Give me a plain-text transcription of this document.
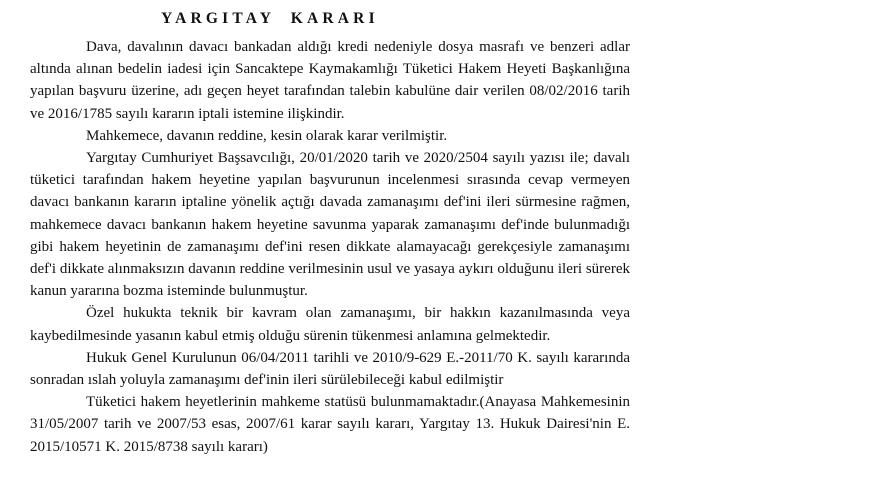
YARGITAY  KARARI

Dava, davalının davacı bankadan aldığı kredi nedeniyle dosya masrafı ve benzeri adlar altında alınan bedelin iadesi için Sancaktepe Kaymakamlığı Tüketici Hakem Heyeti Başkanlığına yapılan başvuru üzerine, adı geçen heyet tarafından talebin kabulüne dair verilen 08/02/2016 tarih ve 2016/1785 sayılı kararın iptali istemine ilişkindir.

Mahkemece, davanın reddine, kesin olarak karar verilmiştir.

Yargıtay Cumhuriyet Başsavcılığı, 20/01/2020 tarih ve 2020/2504 sayılı yazısı ile; davalı tüketici tarafından hakem heyetine yapılan başvurunun incelenmesi sırasında cevap vermeyen davacı bankanın kararın iptaline yönelik açtığı davada zamanaşımı def'ini ileri sürmesine rağmen, mahkemece davacı bankanın hakem heyetine savunma yaparak zamanaşımı def'inde bulunmadığı gibi hakem heyetinin de zamanaşımı def'ini resen dikkate alamayacağı gerekçesiyle zamanaşımı def'i dikkate alınmaksızın davanın reddine verilmesinin usul ve yasaya aykırı olduğunu ileri sürerek kanun yararına bozma isteminde bulunmuştur.

Özel hukukta teknik bir kavram olan zamanaşımı, bir hakkın kazanılmasında veya kaybedilmesinde yasanın kabul etmiş olduğu sürenin tükenmesi anlamına gelmektedir.

Hukuk Genel Kurulunun 06/04/2011 tarihli ve 2010/9-629 E.-2011/70 K. sayılı kararında sonradan ıslah yoluyla zamanaşımı def'inin ileri sürülebileceği kabul edilmiştir

Tüketici hakem heyetlerinin mahkeme statüsü bulunmamaktadır.(Anayasa Mahkemesinin 31/05/2007 tarih ve 2007/53 esas, 2007/61 karar sayılı kararı, Yargıtay 13. Hukuk Dairesi'nin E. 2015/10571 K. 2015/8738 sayılı kararı)
